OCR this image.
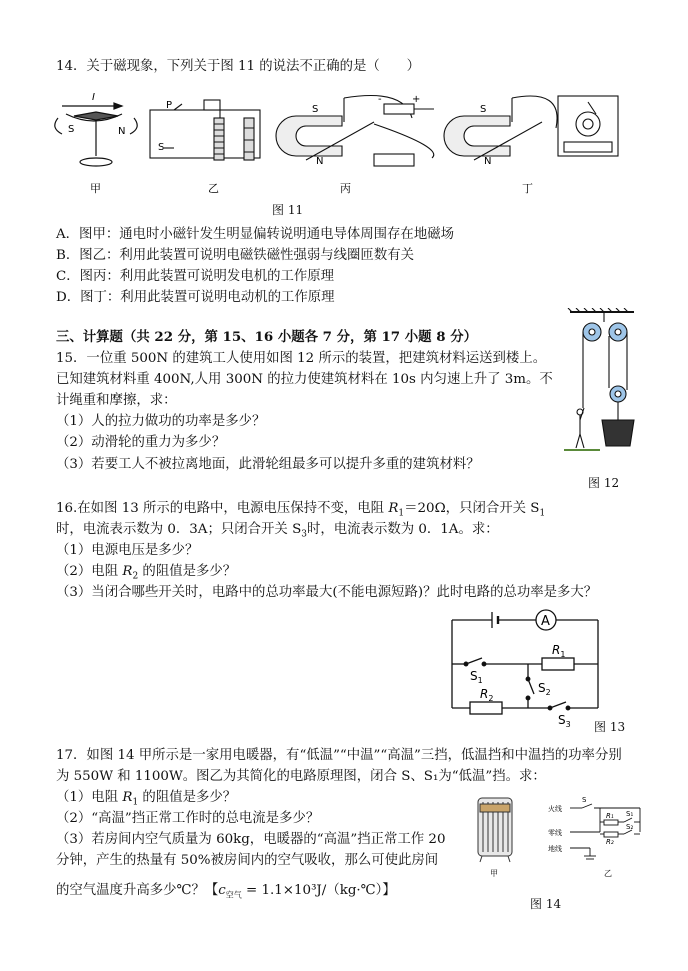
14．关于磁现象，下列关于图 11 的说法不正确的是（　　）
I
S	N
甲
P
S
乙
S
N
-	+
丙
S
N
丁
图 11
A．图甲：通电时小磁针发生明显偏转说明通电导体周围存在地磁场
B．图乙：利用此装置可说明电磁铁磁性强弱与线圈匝数有关
C．图丙：利用此装置可说明发电机的工作原理
D．图丁：利用此装置可说明电动机的工作原理
三、计算题（共 22 分，第 15、16 小题各 7 分，第 17 小题 8 分）
15．一位重 500N 的建筑工人使用如图 12 所示的装置，把建筑材料运送到楼上。
已知建筑材料重 400N,人用 300N 的拉力使建筑材料在 10s 内匀速上升了 3m。不
计绳重和摩擦，求：
（1）人的拉力做功的功率是多少？
（2）动滑轮的重力为多少？
（3）若要工人不被拉离地面，此滑轮组最多可以提升多重的建筑材料？
图 12
16.在如图 13 所示的电路中，电源电压保持不变，电阻 $R_1=20\Omega$，只闭合开关 $S_1$
时，电流表示数为 0．3A；只闭合开关 $S_3$时，电流表示数为 0．1A。求：
（1）电源电压是多少？
（2）电阻 $R_2$ 的阻值是多少？
（3）当闭合哪些开关时，电路中的总功率最大(不能电源短路)？此时电路的总功率是多大？
A
$R_1$
$R_2$
$S_1$
$S_2$
$S_3$ 图 13
17．如图 14 甲所示是一家用电暖器，有“低温”“中温”“高温”三挡，低温挡和中温挡的功率分别
为 550W 和 1100W。图乙为其简化的电路原理图，闭合 S、S₁为“低温”挡。求：
（1）电阻 $R_1$ 的阻值是多少？
（2）“高温”挡正常工作时的总电流是多少？
（3）若房间内空气质量为 60kg，电暖器的“高温”挡正常工作 20
分钟，产生的热量有 50%被房间内的空气吸收，那么可使此房间
的空气温度升高多少℃？【$c_{空气}$ = 1.1×10³J/（kg·℃）】
火线
零线
地线
S
S₁
S₂
R₁
R₂
甲	乙
图 14
